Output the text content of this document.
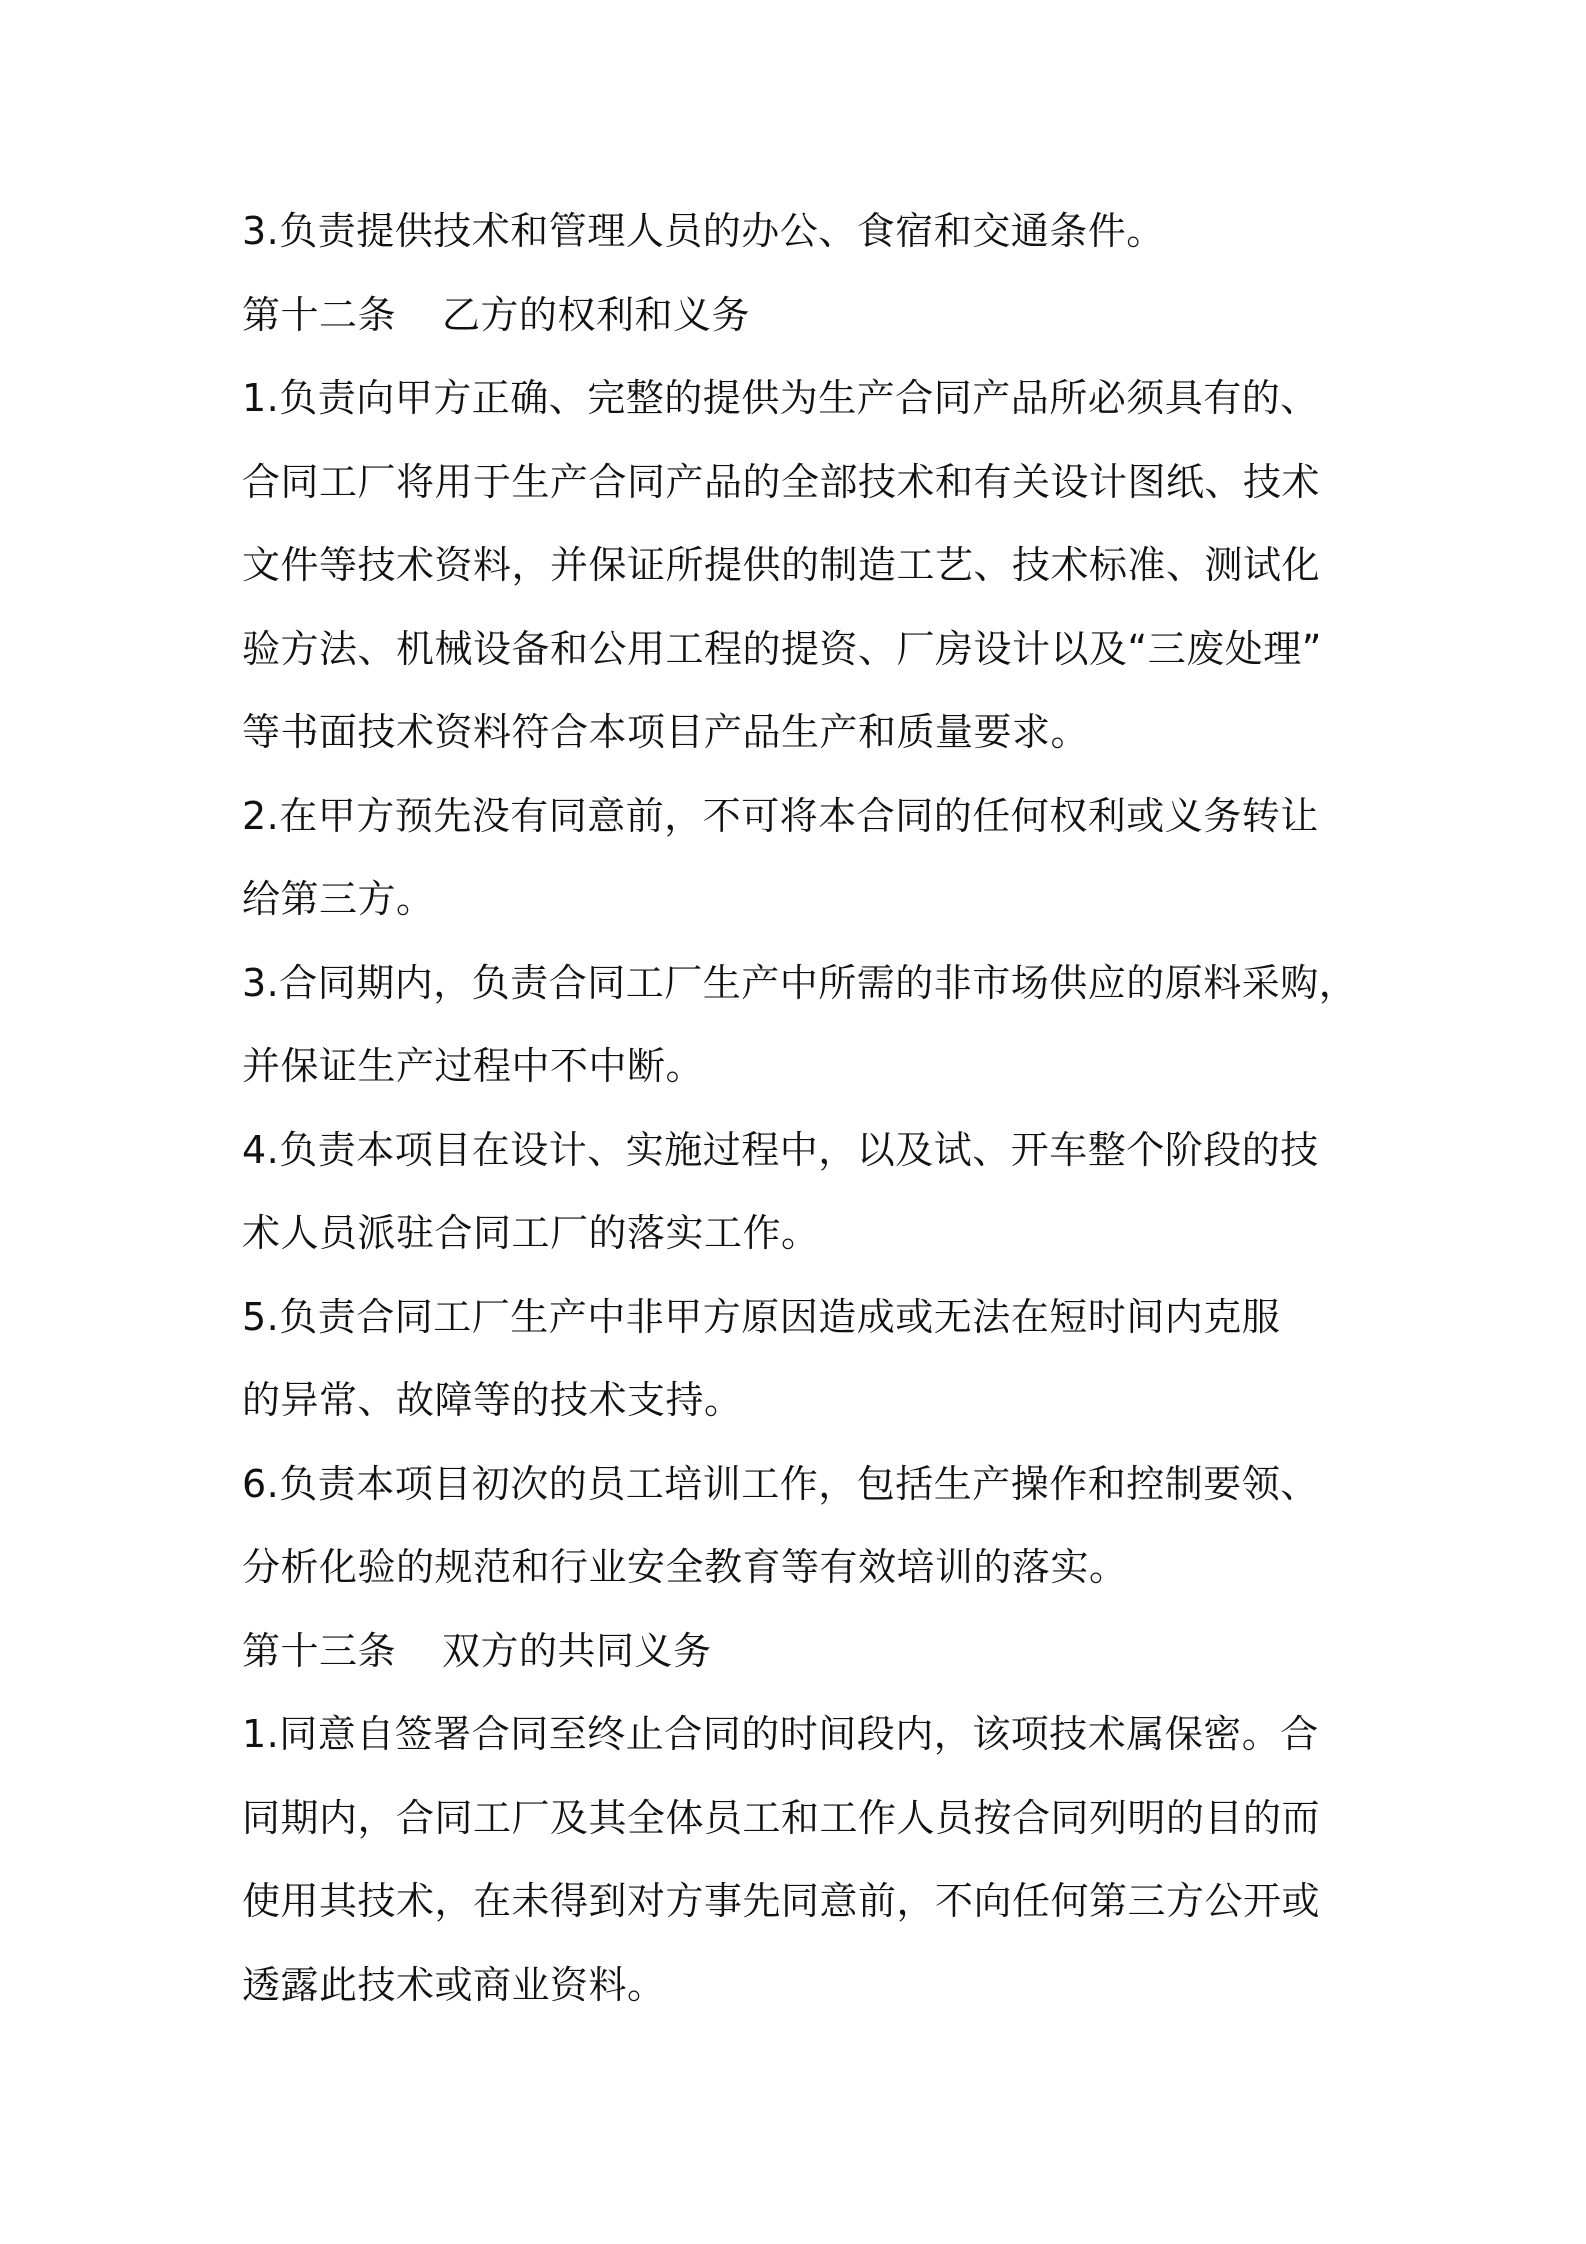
3.负责提供技术和管理人员的办公、食宿和交通条件。
第十二条 乙方的权利和义务
1.负责向甲方正确、完整的提供为生产合同产品所必须具有的、
合同工厂将用于生产合同产品的全部技术和有关设计图纸、技术
文件等技术资料，并保证所提供的制造工艺、技术标准、测试化
验方法、机械设备和公用工程的提资、厂房设计以及“三废处理”
等书面技术资料符合本项目产品生产和质量要求。
2.在甲方预先没有同意前，不可将本合同的任何权利或义务转让
给第三方。
3.合同期内，负责合同工厂生产中所需的非市场供应的原料采购，
并保证生产过程中不中断。
4.负责本项目在设计、实施过程中，以及试、开车整个阶段的技
术人员派驻合同工厂的落实工作。
5.负责合同工厂生产中非甲方原因造成或无法在短时间内克服
的异常、故障等的技术支持。
6.负责本项目初次的员工培训工作，包括生产操作和控制要领、
分析化验的规范和行业安全教育等有效培训的落实。
第十三条 双方的共同义务
1.同意自签署合同至终止合同的时间段内，该项技术属保密。合
同期内，合同工厂及其全体员工和工作人员按合同列明的目的而
使用其技术，在未得到对方事先同意前，不向任何第三方公开或
透露此技术或商业资料。
